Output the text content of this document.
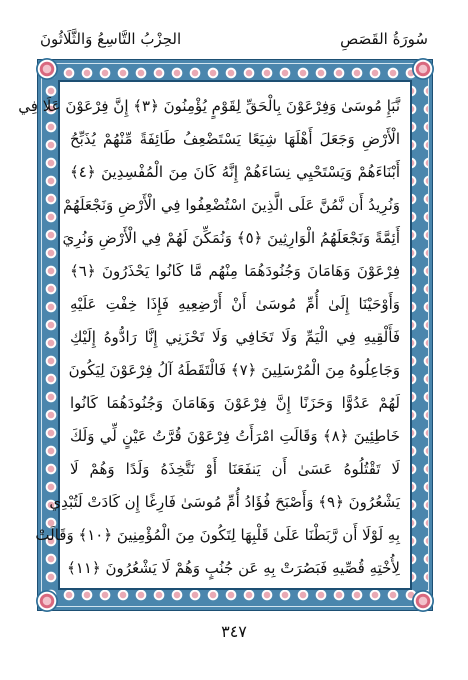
سُورَةُ القَصَصِ
الحِزْبُ التَّاسِعُ وَالثَّلَاثُونَ
نَّبَإِ مُوسَىٰ وَفِرْعَوْنَ بِالْحَقِّ لِقَوْمٍ يُؤْمِنُونَ ﴿٣﴾ إِنَّ فِرْعَوْنَ عَلَا فِي
الْأَرْضِ وَجَعَلَ أَهْلَهَا شِيَعًا يَسْتَضْعِفُ طَائِفَةً مِّنْهُمْ يُذَبِّحُ
أَبْنَاءَهُمْ وَيَسْتَحْيِي نِسَاءَهُمْ إِنَّهُ كَانَ مِنَ الْمُفْسِدِينَ ﴿٤﴾
وَنُرِيدُ أَن نَّمُنَّ عَلَى الَّذِينَ اسْتُضْعِفُوا فِي الْأَرْضِ وَنَجْعَلَهُمْ
أَئِمَّةً وَنَجْعَلَهُمُ الْوَارِثِينَ ﴿٥﴾ وَنُمَكِّنَ لَهُمْ فِي الْأَرْضِ وَنُرِيَ
فِرْعَوْنَ وَهَامَانَ وَجُنُودَهُمَا مِنْهُم مَّا كَانُوا يَحْذَرُونَ ﴿٦﴾
وَأَوْحَيْنَا إِلَىٰ أُمِّ مُوسَىٰ أَنْ أَرْضِعِيهِ فَإِذَا خِفْتِ عَلَيْهِ
فَأَلْقِيهِ فِي الْيَمِّ وَلَا تَخَافِي وَلَا تَحْزَنِي إِنَّا رَادُّوهُ إِلَيْكِ
وَجَاعِلُوهُ مِنَ الْمُرْسَلِينَ ﴿٧﴾ فَالْتَقَطَهُ آلُ فِرْعَوْنَ لِيَكُونَ
لَهُمْ عَدُوًّا وَحَزَنًا إِنَّ فِرْعَوْنَ وَهَامَانَ وَجُنُودَهُمَا كَانُوا
خَاطِئِينَ ﴿٨﴾ وَقَالَتِ امْرَأَتُ فِرْعَوْنَ قُرَّتُ عَيْنٍ لِّي وَلَكَ
لَا تَقْتُلُوهُ عَسَىٰ أَن يَنفَعَنَا أَوْ نَتَّخِذَهُ وَلَدًا وَهُمْ لَا
يَشْعُرُونَ ﴿٩﴾ وَأَصْبَحَ فُؤَادُ أُمِّ مُوسَىٰ فَارِغًا إِن كَادَتْ لَتُبْدِي
بِهِ لَوْلَا أَن رَّبَطْنَا عَلَىٰ قَلْبِهَا لِتَكُونَ مِنَ الْمُؤْمِنِينَ ﴿١٠﴾ وَقَالَتْ
لِأُخْتِهِ قُصِّيهِ فَبَصُرَتْ بِهِ عَن جُنُبٍ وَهُمْ لَا يَشْعُرُونَ ﴿١١﴾
٣٤٧
